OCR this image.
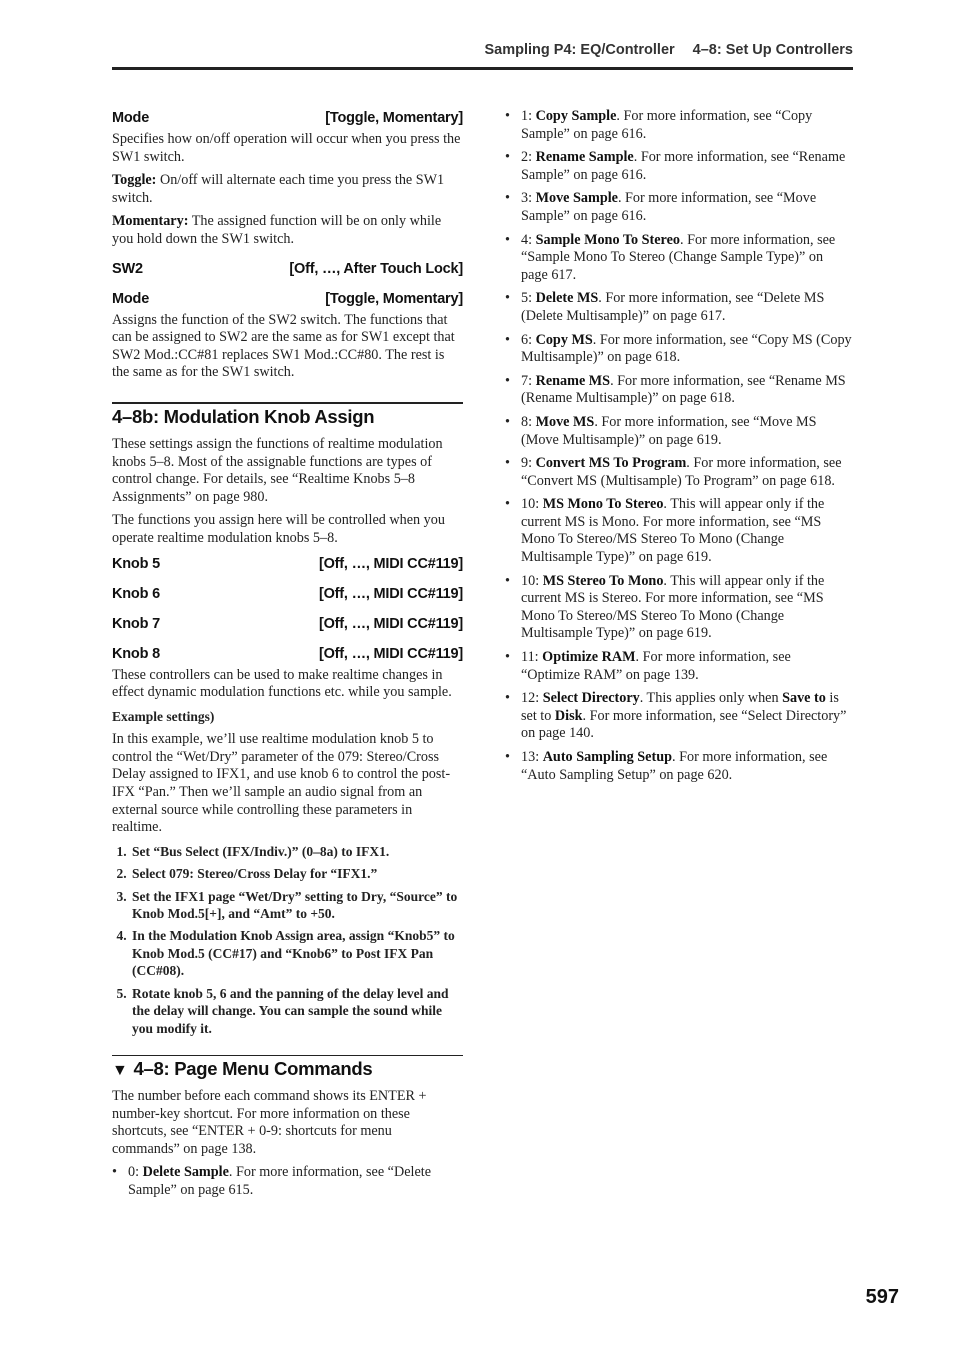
Sampling P4: EQ/Controller 4–8: Set Up Controllers
Mode	[Toggle, Momentary]

Specifies how on/off operation will occur when you press the SW1 switch.

Toggle: On/off will alternate each time you press the SW1 switch.

Momentary: The assigned function will be on only while you hold down the SW1 switch.

SW2	[Off, …, After Touch Lock]
Mode	[Toggle, Momentary]

Assigns the function of the SW2 switch. The functions that can be assigned to SW2 are the same as for SW1 except that SW2 Mod.:CC#81 replaces SW1 Mod.:CC#80. The rest is the same as for the SW1 switch.

4–8b: Modulation Knob Assign

These settings assign the functions of realtime modulation knobs 5–8. Most of the assignable functions are types of control change. For details, see “Realtime Knobs 5–8 Assignments” on page 980.

The functions you assign here will be controlled when you operate realtime modulation knobs 5–8.

Knob 5	[Off, …, MIDI CC#119]
Knob 6	[Off, …, MIDI CC#119]
Knob 7	[Off, …, MIDI CC#119]
Knob 8	[Off, …, MIDI CC#119]

These controllers can be used to make realtime changes in effect dynamic modulation functions etc. while you sample.

Example settings)

In this example, we’ll use realtime modulation knob 5 to control the “Wet/Dry” parameter of the 079: Stereo/Cross Delay assigned to IFX1, and use knob 6 to control the post-IFX “Pan.” Then we’ll sample an audio signal from an external source while controlling these parameters in realtime.

1. Set “Bus Select (IFX/Indiv.)” (0–8a) to IFX1.
2. Select 079: Stereo/Cross Delay for “IFX1.”
3. Set the IFX1 page “Wet/Dry” setting to Dry, “Source” to Knob Mod.5[+], and “Amt” to +50.
4. In the Modulation Knob Assign area, assign “Knob5” to Knob Mod.5 (CC#17) and “Knob6” to Post IFX Pan (CC#08).
5. Rotate knob 5, 6 and the panning of the delay level and the delay will change. You can sample the sound while you modify it.
▼ 4–8: Page Menu Commands

The number before each command shows its ENTER + number-key shortcut. For more information on these shortcuts, see “ENTER + 0-9: shortcuts for menu commands” on page 138.

• 0: Delete Sample. For more information, see “Delete Sample” on page 615.
• 1: Copy Sample. For more information, see “Copy Sample” on page 616.
• 2: Rename Sample. For more information, see “Rename Sample” on page 616.
• 3: Move Sample. For more information, see “Move Sample” on page 616.
• 4: Sample Mono To Stereo. For more information, see “Sample Mono To Stereo (Change Sample Type)” on page 617.
• 5: Delete MS. For more information, see “Delete MS (Delete Multisample)” on page 617.
• 6: Copy MS. For more information, see “Copy MS (Copy Multisample)” on page 618.
• 7: Rename MS. For more information, see “Rename MS (Rename Multisample)” on page 618.
• 8: Move MS. For more information, see “Move MS (Move Multisample)” on page 619.
• 9: Convert MS To Program. For more information, see “Convert MS (Multisample) To Program” on page 618.
• 10: MS Mono To Stereo. This will appear only if the current MS is Mono. For more information, see “MS Mono To Stereo/MS Stereo To Mono (Change Multisample Type)” on page 619.
• 10: MS Stereo To Mono. This will appear only if the current MS is Stereo. For more information, see “MS Mono To Stereo/MS Stereo To Mono (Change Multisample Type)” on page 619.
• 11: Optimize RAM. For more information, see “Optimize RAM” on page 139.
• 12: Select Directory. This applies only when Save to is set to Disk. For more information, see “Select Directory” on page 140.
• 13: Auto Sampling Setup. For more information, see “Auto Sampling Setup” on page 620.
597
